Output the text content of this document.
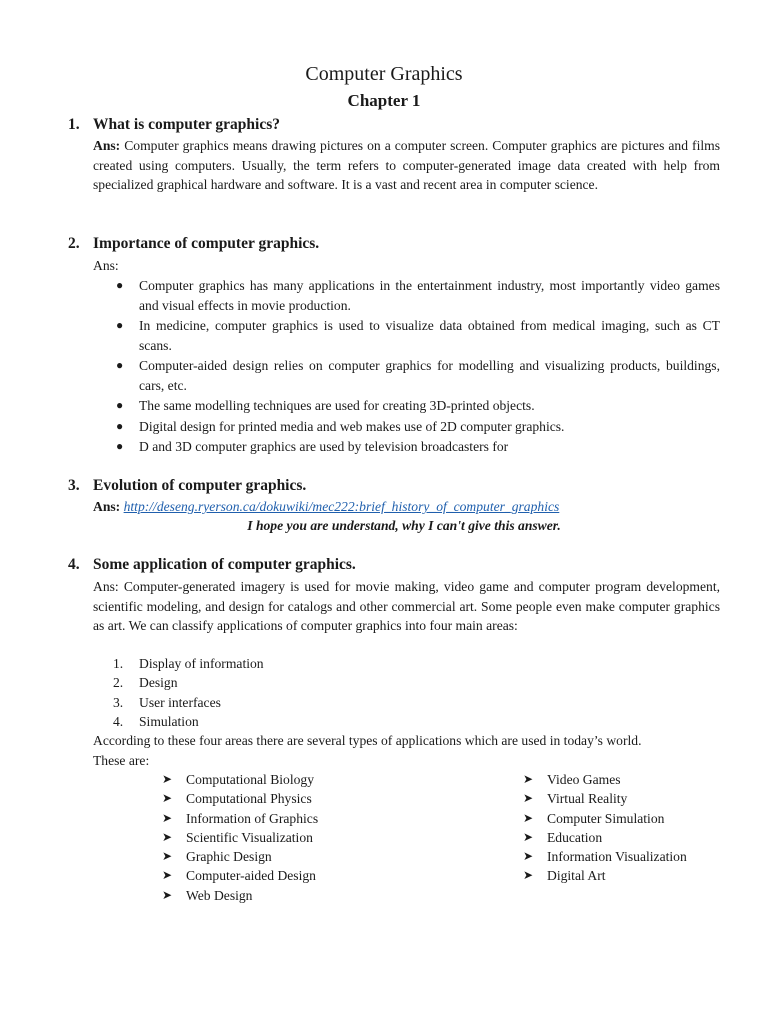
Computer Graphics
Chapter 1
1. What is computer graphics?
Ans: Computer graphics means drawing pictures on a computer screen. Computer graphics are pictures and films created using computers. Usually, the term refers to computer-generated image data created with help from specialized graphical hardware and software. It is a vast and recent area in computer science.
2. Importance of computer graphics.
Ans:
● Computer graphics has many applications in the entertainment industry, most importantly video games and visual effects in movie production.
● In medicine, computer graphics is used to visualize data obtained from medical imaging, such as CT scans.
● Computer-aided design relies on computer graphics for modelling and visualizing products, buildings, cars, etc.
● The same modelling techniques are used for creating 3D-printed objects.
● Digital design for printed media and web makes use of 2D computer graphics.
● D and 3D computer graphics are used by television broadcasters for
3. Evolution of computer graphics.
Ans: http://deseng.ryerson.ca/dokuwiki/mec222:brief_history_of_computer_graphics
I hope you are understand, why I can't give this answer.
4. Some application of computer graphics.
Ans: Computer-generated imagery is used for movie making, video game and computer program development, scientific modeling, and design for catalogs and other commercial art. Some people even make computer graphics as art. We can classify applications of computer graphics into four main areas:
1. Display of information
2. Design
3. User interfaces
4. Simulation
According to these four areas there are several types of applications which are used in today’s world.
These are:
➤ Computational Biology
➤ Computational Physics
➤ Information of Graphics
➤ Scientific Visualization
➤ Graphic Design
➤ Computer-aided Design
➤ Web Design
➤ Video Games
➤ Virtual Reality
➤ Computer Simulation
➤ Education
➤ Information Visualization
➤ Digital Art
